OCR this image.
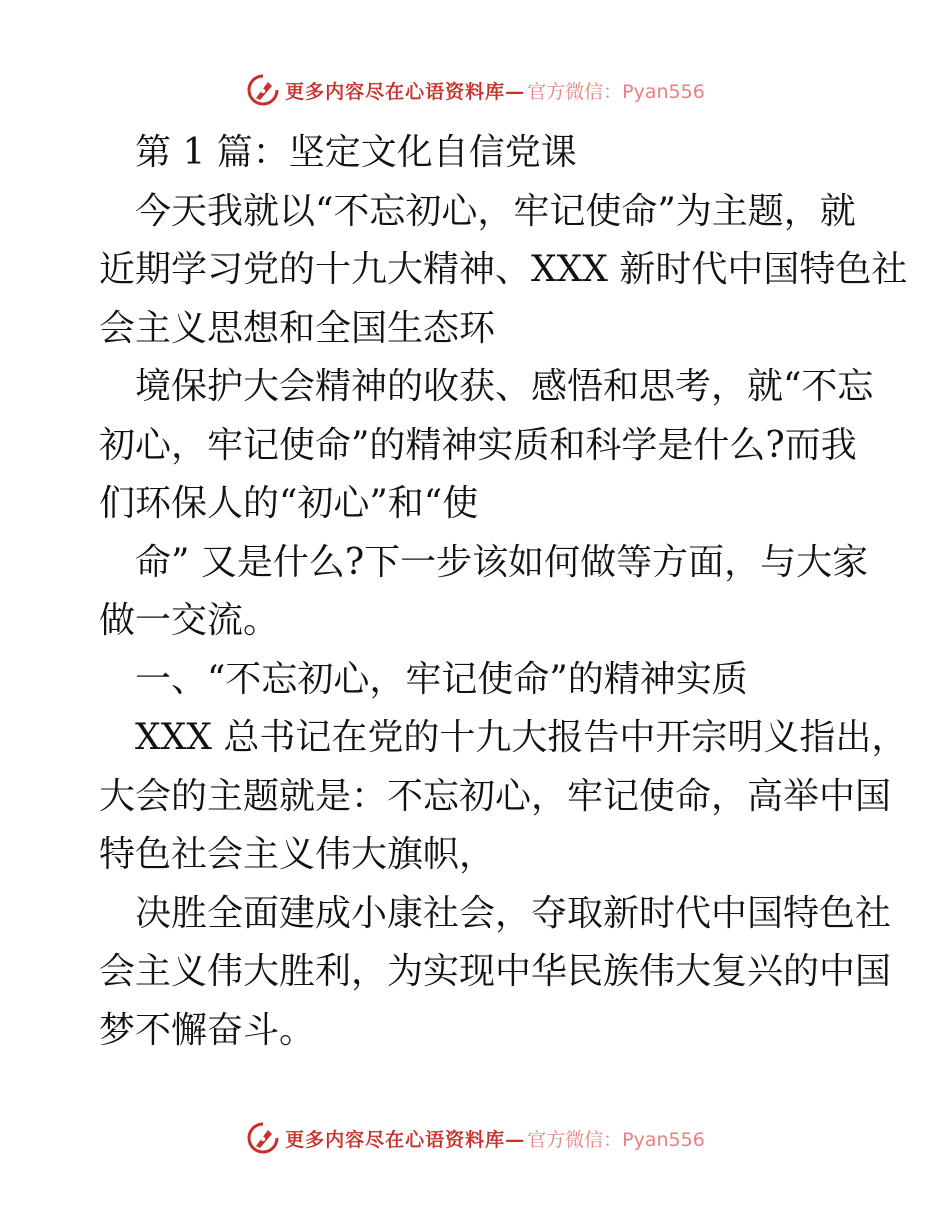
更多内容尽在心语资料库— 官方微信：Pyan556
第 1 篇：坚定文化自信党课
今天我就以“不忘初心，牢记使命”为主题，就
近期学习党的十九大精神、XXX 新时代中国特色社
会主义思想和全国生态环
境保护大会精神的收获、感悟和思考，就“不忘
初心，牢记使命”的精神实质和科学是什么?而我
们环保人的“初心”和“使
命” 又是什么?下一步该如何做等方面，与大家
做一交流。
一、“不忘初心，牢记使命”的精神实质
XXX 总书记在党的十九大报告中开宗明义指出，
大会的主题就是：不忘初心，牢记使命，高举中国
特色社会主义伟大旗帜，
决胜全面建成小康社会，夺取新时代中国特色社
会主义伟大胜利，为实现中华民族伟大复兴的中国
梦不懈奋斗。
更多内容尽在心语资料库— 官方微信：Pyan556
